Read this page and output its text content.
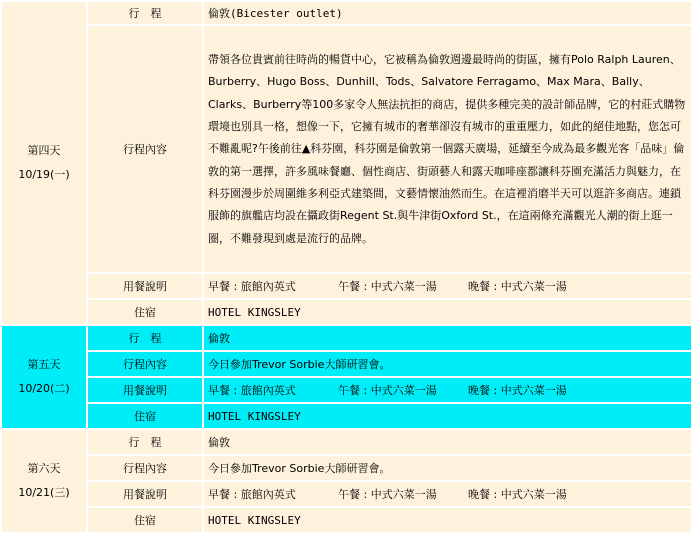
第四天
10/19(一)	行　程	倫敦(Bicester outlet)
	行程內容	帶領各位貴賓前往時尚的暢貨中心，它被稱為倫敦週邊最時尚的街區，擁有Polo Ralph Lauren、Burberry、Hugo Boss、Dunhill、Tods、Salvatore Ferragamo、Max Mara、Bally、Clarks、Burberry等100多家令人無法抗拒的商店，提供多種完美的設計師品牌，它的村莊式購物環境也別具一格，想像一下，它擁有城市的奢華卻沒有城市的重重壓力，如此的絕佳地點，您怎可不難亂呢?午後前往▲科芬園，科芬園是倫敦第一個露天廣場，延續至今成為最多觀光客「品味」倫敦的第一選擇，許多風味餐廳、個性商店、街頭藝人和露天咖啡座都讓科芬園充滿活力與魅力，在科芬園漫步於周圍維多利亞式建築間，文藝情懷油然而生。在這裡消磨半天可以逛許多商店。連鎖服飾的旗艦店均設在攝政街Regent St.與牛津街Oxford St.，在這兩條充滿觀光人潮的街上逛一圈，不難發現到處是流行的品牌。
	用餐說明	早餐 : 旅館內英式 午餐 : 中式六菜一湯 晚餐 : 中式六菜一湯
	住宿	HOTEL KINGSLEY

第五天
10/20(二)	行　程	倫敦
	行程內容	今日參加Trevor Sorbie大師研習會。
	用餐說明	早餐 : 旅館內英式 午餐 : 中式六菜一湯 晚餐 : 中式六菜一湯
	住宿	HOTEL KINGSLEY

第六天
10/21(三)	行　程	倫敦
	行程內容	今日參加Trevor Sorbie大師研習會。
	用餐說明	早餐 : 旅館內英式 午餐 : 中式六菜一湯 晚餐 : 中式六菜一湯
	住宿	HOTEL KINGSLEY
